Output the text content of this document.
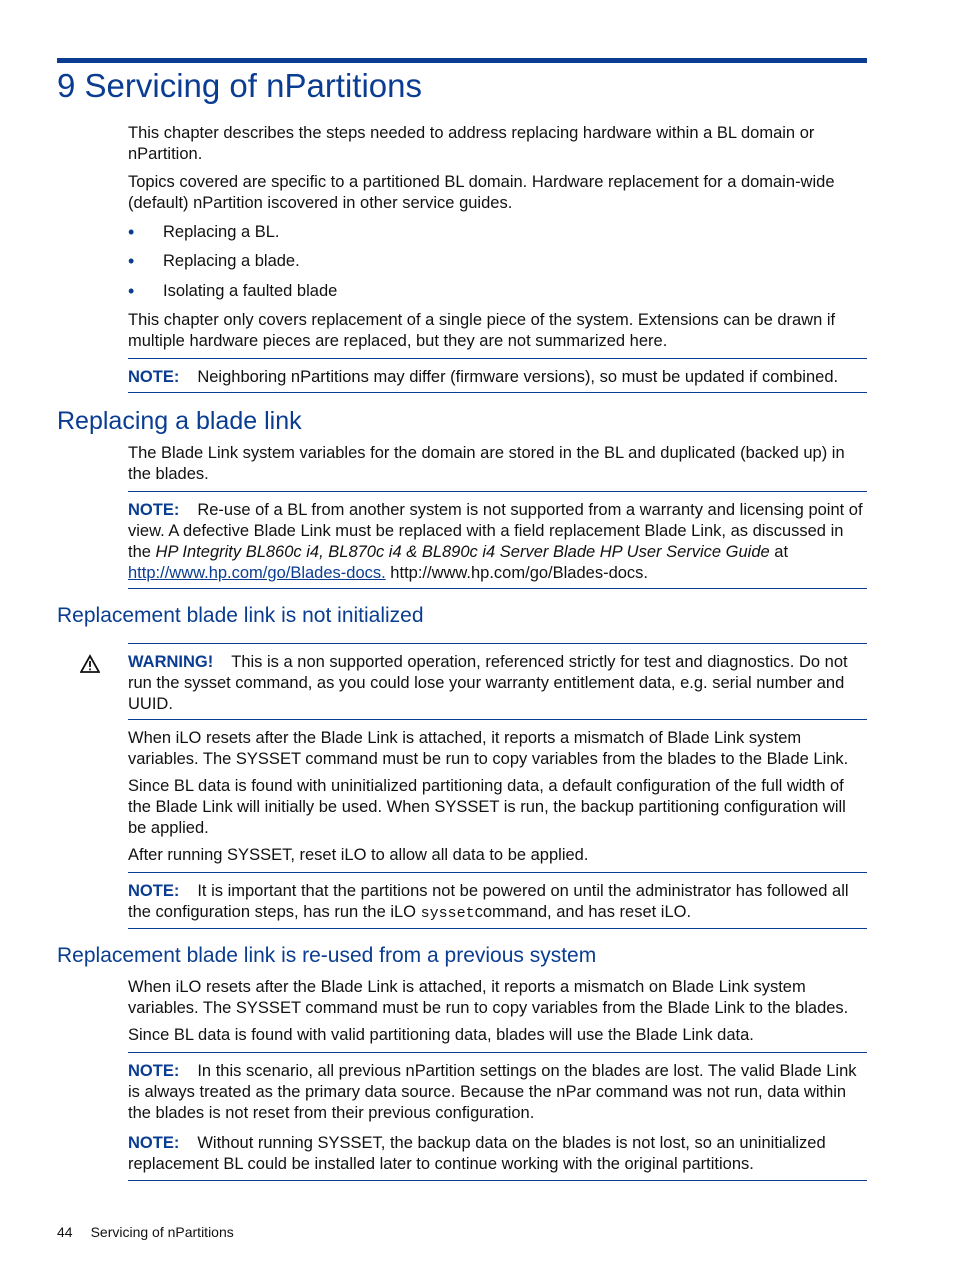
9 Servicing of nPartitions

This chapter describes the steps needed to address replacing hardware within a BL domain or nPartition.

Topics covered are specific to a partitioned BL domain. Hardware replacement for a domain-wide (default) nPartition iscovered in other service guides.

• Replacing a BL.
• Replacing a blade.
• Isolating a faulted blade

This chapter only covers replacement of a single piece of the system. Extensions can be drawn if multiple hardware pieces are replaced, but they are not summarized here.

NOTE: Neighboring nPartitions may differ (firmware versions), so must be updated if combined.

Replacing a blade link

The Blade Link system variables for the domain are stored in the BL and duplicated (backed up) in the blades.

NOTE: Re-use of a BL from another system is not supported from a warranty and licensing point of view. A defective Blade Link must be replaced with a field replacement Blade Link, as discussed in the HP Integrity BL860c i4, BL870c i4 & BL890c i4 Server Blade HP User Service Guide at http://www.hp.com/go/Blades-docs. http://www.hp.com/go/Blades-docs.

Replacement blade link is not initialized

WARNING! This is a non supported operation, referenced strictly for test and diagnostics. Do not run the sysset command, as you could lose your warranty entitlement data, e.g. serial number and UUID.

When iLO resets after the Blade Link is attached, it reports a mismatch of Blade Link system variables. The SYSSET command must be run to copy variables from the blades to the Blade Link.

Since BL data is found with uninitialized partitioning data, a default configuration of the full width of the Blade Link will initially be used. When SYSSET is run, the backup partitioning configuration will be applied.

After running SYSSET, reset iLO to allow all data to be applied.

NOTE: It is important that the partitions not be powered on until the administrator has followed all the configuration steps, has run the iLO syssetcommand, and has reset iLO.

Replacement blade link is re-used from a previous system

When iLO resets after the Blade Link is attached, it reports a mismatch on Blade Link system variables. The SYSSET command must be run to copy variables from the Blade Link to the blades.

Since BL data is found with valid partitioning data, blades will use the Blade Link data.

NOTE: In this scenario, all previous nPartition settings on the blades are lost. The valid Blade Link is always treated as the primary data source. Because the nPar command was not run, data within the blades is not reset from their previous configuration.

NOTE: Without running SYSSET, the backup data on the blades is not lost, so an uninitialized replacement BL could be installed later to continue working with the original partitions.

44 Servicing of nPartitions
